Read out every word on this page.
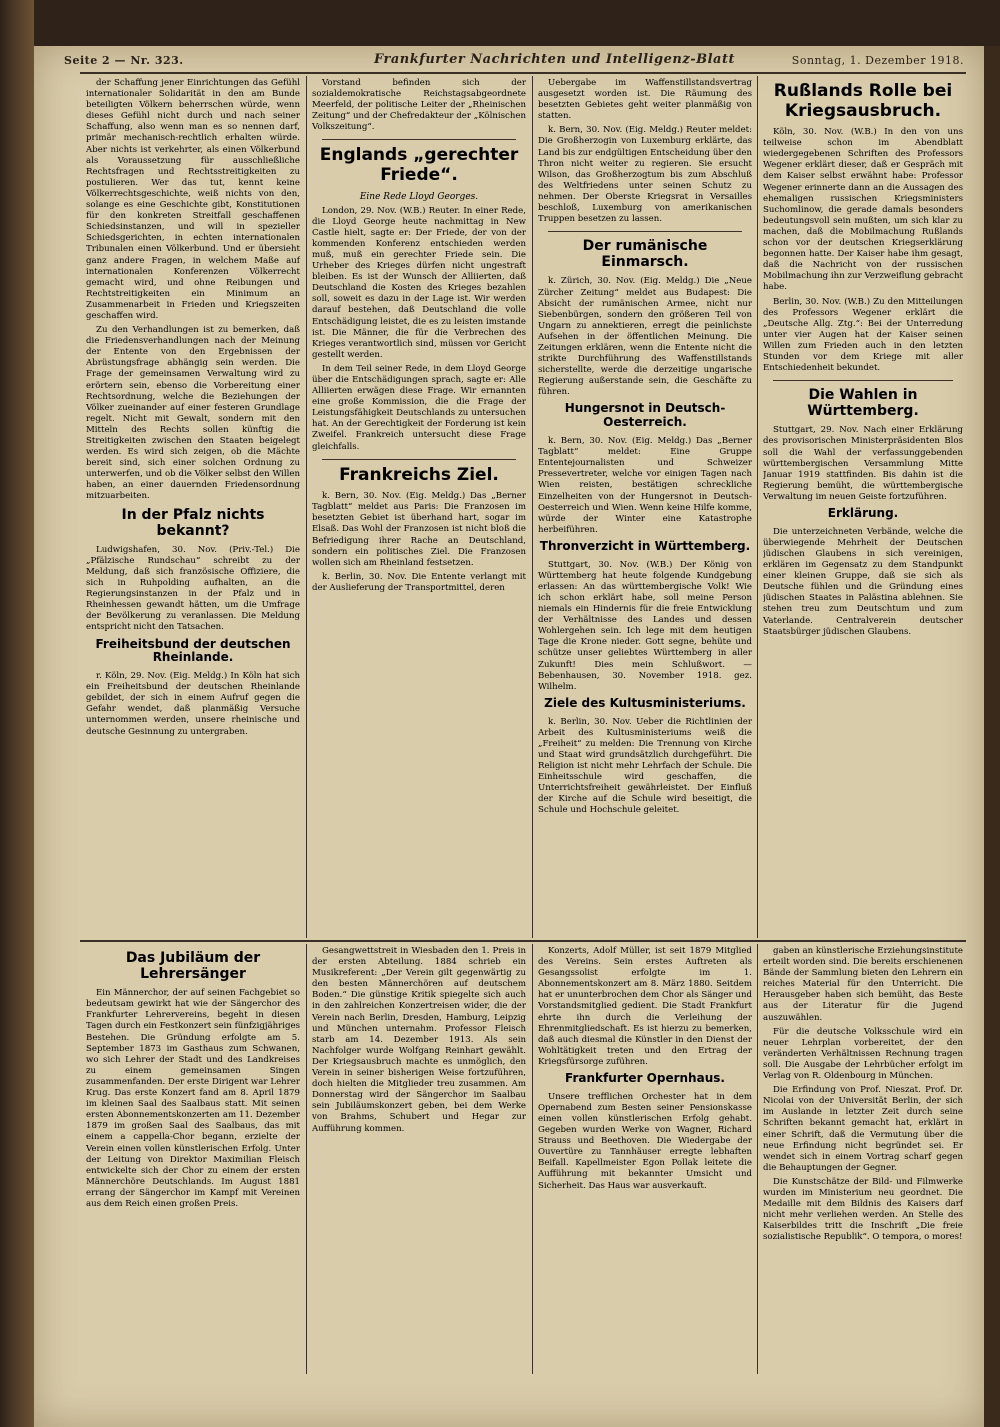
Seite 2 — Nr. 323.	Frankfurter Nachrichten und Intelligenz-Blatt	Sonntag, 1. Dezember 1918.

der Schaffung jener Einrichtungen das Gefühl internationaler Solidarität in den am Bunde beteiligten Völkern beherrschen würde, wenn dieses Gefühl nicht durch und nach seiner Schaffung, also wenn man es so nennen darf, primär mechanisch-rechtlich erhalten würde. Aber nichts ist verkehrter, als einen Völkerbund als Voraussetzung für ausschließliche Rechtsfragen und Rechtsstreitigkeiten zu postulieren. Wer das tut, kennt keine Völkerrechtsgeschichte, weiß nichts von den, solange es eine Geschichte gibt, Konstitutionen für den konkreten Streitfall geschaffenen Schiedsinstanzen, und will in spezieller Schiedsgerichten, in echten internationalen Tribunalen einen Völkerbund. Und er übersieht ganz andere Fragen, in welchem Maße auf internationalen Konferenzen Völkerrecht gemacht wird, und ohne Reibungen und Rechtstreitigkeiten ein Minimum an Zusammenarbeit in Frieden und Kriegszeiten geschaffen wird.

Zu den Verhandlungen ist zu bemerken, daß die Friedensverhandlungen nach der Meinung der Entente von den Ergebnissen der Abrüstungsfrage abhängig sein werden. Die Frage der gemeinsamen Verwaltung wird zu erörtern sein, ebenso die Vorbereitung einer Rechtsordnung, welche die Beziehungen der Völker zueinander auf einer festeren Grundlage regelt. Nicht mit Gewalt, sondern mit den Mitteln des Rechts sollen künftig die Streitigkeiten zwischen den Staaten beigelegt werden. Es wird sich zeigen, ob die Mächte bereit sind, sich einer solchen Ordnung zu unterwerfen, und ob die Völker selbst den Willen haben, an einer dauernden Friedensordnung mitzuarbeiten.

In der Pfalz nichts bekannt?

Ludwigshafen, 30. Nov. (Priv.-Tel.) Die „Pfälzische Rundschau“ schreibt zu der Meldung, daß sich französische Offiziere, die sich in Ruhpolding aufhalten, an die Regierungsinstanzen in der Pfalz und in Rheinhessen gewandt hätten, um die Umfrage der Bevölkerung zu veranlassen. Die Meldung entspricht nicht den Tatsachen.

Freiheitsbund der deutschen Rheinlande.

r. Köln, 29. Nov. (Eig. Meldg.) In Köln hat sich ein Freiheitsbund der deutschen Rheinlande gebildet, der sich in einem Aufruf gegen die Gefahr wendet, daß planmäßig Versuche unternommen werden, unsere rheinische und deutsche Gesinnung zu untergraben.

Vorstand befinden sich der sozialdemokratische Reichstagsabgeordnete Meerfeld, der politische Leiter der „Rheinischen Zeitung“ und der Chefredakteur der „Kölnischen Volkszeitung“.

Englands „gerechter Friede“.
Eine Rede Lloyd Georges.

London, 29. Nov. (W.B.) Reuter. In einer Rede, die Lloyd George heute nachmittag in New Castle hielt, sagte er: Der Friede, der von der kommenden Konferenz entschieden werden muß, muß ein gerechter Friede sein. Die Urheber des Krieges dürfen nicht ungestraft bleiben. Es ist der Wunsch der Alliierten, daß Deutschland die Kosten des Krieges bezahlen soll, soweit es dazu in der Lage ist. Wir werden darauf bestehen, daß Deutschland die volle Entschädigung leistet, die es zu leisten imstande ist. Die Männer, die für die Verbrechen des Krieges verantwortlich sind, müssen vor Gericht gestellt werden.

In dem Teil seiner Rede, in dem Lloyd George über die Entschädigungen sprach, sagte er: Alle Alliierten erwägen diese Frage. Wir ernannten eine große Kommission, die die Frage der Leistungsfähigkeit Deutschlands zu untersuchen hat. An der Gerechtigkeit der Forderung ist kein Zweifel. Frankreich untersucht diese Frage gleichfalls.

Frankreichs Ziel.

k. Bern, 30. Nov. (Eig. Meldg.) Das „Berner Tagblatt“ meldet aus Paris: Die Franzosen im besetzten Gebiet ist überhand hart, sogar im Elsaß. Das Wohl der Franzosen ist nicht bloß die Befriedigung ihrer Rache an Deutschland, sondern ein politisches Ziel. Die Franzosen wollen sich am Rheinland festsetzen.

k. Berlin, 30. Nov. Die Entente verlangt mit der Auslieferung der Transportmittel, deren

Uebergabe im Waffenstillstandsvertrag ausgesetzt worden ist. Die Räumung des besetzten Gebietes geht weiter planmäßig von statten.

k. Bern, 30. Nov. (Eig. Meldg.) Reuter meldet: Die Großherzogin von Luxemburg erklärte, das Land bis zur endgültigen Entscheidung über den Thron nicht weiter zu regieren. Sie ersucht Wilson, das Großherzogtum bis zum Abschluß des Weltfriedens unter seinen Schutz zu nehmen. Der Oberste Kriegsrat in Versailles beschloß, Luxemburg von amerikanischen Truppen besetzen zu lassen.

Der rumänische Einmarsch.

k. Zürich, 30. Nov. (Eig. Meldg.) Die „Neue Zürcher Zeitung“ meldet aus Budapest: Die Absicht der rumänischen Armee, nicht nur Siebenbürgen, sondern den größeren Teil von Ungarn zu annektieren, erregt die peinlichste Aufsehen in der öffentlichen Meinung. Die Zeitungen erklären, wenn die Entente nicht die strikte Durchführung des Waffenstillstands sicherstellte, werde die derzeitige ungarische Regierung außerstande sein, die Geschäfte zu führen.

Hungersnot in Deutsch-Oesterreich.

k. Bern, 30. Nov. (Eig. Meldg.) Das „Berner Tagblatt“ meldet: Eine Gruppe Ententejournalisten und Schweizer Pressevertreter, welche vor einigen Tagen nach Wien reisten, bestätigen schreckliche Einzelheiten von der Hungersnot in Deutsch-Oesterreich und Wien. Wenn keine Hilfe komme, würde der Winter eine Katastrophe herbeiführen.

Thronverzicht in Württemberg.

Stuttgart, 30. Nov. (W.B.) Der König von Württemberg hat heute folgende Kundgebung erlassen: An das württembergische Volk! Wie ich schon erklärt habe, soll meine Person niemals ein Hindernis für die freie Entwicklung der Verhältnisse des Landes und dessen Wohlergehen sein. Ich lege mit dem heutigen Tage die Krone nieder. Gott segne, behüte und schütze unser geliebtes Württemberg in aller Zukunft! Dies mein Schlußwort. — Bebenhausen, 30. November 1918. gez. Wilhelm.

Ziele des Kultusministeriums.

k. Berlin, 30. Nov. Ueber die Richtlinien der Arbeit des Kultusministeriums weiß die „Freiheit“ zu melden: Die Trennung von Kirche und Staat wird grundsätzlich durchgeführt. Die Religion ist nicht mehr Lehrfach der Schule. Die Einheitsschule wird geschaffen, die Unterrichtsfreiheit gewährleistet. Der Einfluß der Kirche auf die Schule wird beseitigt, die Schule und Hochschule geleitet.

Rußlands Rolle bei Kriegsausbruch.

Köln, 30. Nov. (W.B.) In den von uns teilweise schon im Abendblatt wiedergegebenen Schriften des Professors Wegener erklärt dieser, daß er Gespräch mit dem Kaiser selbst erwähnt habe: Professor Wegener erinnerte dann an die Aussagen des ehemaligen russischen Kriegsministers Suchomlinow, die gerade damals besonders bedeutungsvoll sein mußten, um sich klar zu machen, daß die Mobilmachung Rußlands schon vor der deutschen Kriegserklärung begonnen hatte. Der Kaiser habe ihm gesagt, daß die Nachricht von der russischen Mobilmachung ihn zur Verzweiflung gebracht habe.

Berlin, 30. Nov. (W.B.) Zu den Mitteilungen des Professors Wegener erklärt die „Deutsche Allg. Ztg.“: Bei der Unterredung unter vier Augen hat der Kaiser seinen Willen zum Frieden auch in den letzten Stunden vor dem Kriege mit aller Entschiedenheit bekundet.

Die Wahlen in Württemberg.

Stuttgart, 29. Nov. Nach einer Erklärung des provisorischen Ministerpräsidenten Blos soll die Wahl der verfassunggebenden württembergischen Versammlung Mitte Januar 1919 stattfinden. Bis dahin ist die Regierung bemüht, die württembergische Verwaltung im neuen Geiste fortzuführen.

Erklärung.

Die unterzeichneten Verbände, welche die überwiegende Mehrheit der Deutschen jüdischen Glaubens in sich vereinigen, erklären im Gegensatz zu dem Standpunkt einer kleinen Gruppe, daß sie sich als Deutsche fühlen und die Gründung eines jüdischen Staates in Palästina ablehnen. Sie stehen treu zum Deutschtum und zum Vaterlande. Centralverein deutscher Staatsbürger jüdischen Glaubens.

Das Jubiläum der Lehrersänger

Ein Männerchor, der auf seinen Fachgebiet so bedeutsam gewirkt hat wie der Sängerchor des Frankfurter Lehrervereins, begeht in diesen Tagen durch ein Festkonzert sein fünfzigjähriges Bestehen. Die Gründung erfolgte am 5. September 1873 im Gasthaus zum Schwanen, wo sich Lehrer der Stadt und des Landkreises zu einem gemeinsamen Singen zusammenfanden. Der erste Dirigent war Lehrer Krug. Das erste Konzert fand am 8. April 1879 im kleinen Saal des Saalbaus statt. Mit seinen ersten Abonnementskonzerten am 11. Dezember 1879 im großen Saal des Saalbaus, das mit einem a cappella-Chor begann, erzielte der Verein einen vollen künstlerischen Erfolg. Unter der Leitung von Direktor Maximilian Fleisch entwickelte sich der Chor zu einem der ersten Männerchöre Deutschlands. Im August 1881 errang der Sängerchor im Kampf mit Vereinen aus dem Reich einen großen Preis.

Gesangwettstreit in Wiesbaden den 1. Preis in der ersten Abteilung. 1884 schrieb ein Musikreferent: „Der Verein gilt gegenwärtig zu den besten Männerchören auf deutschem Boden.“ Die günstige Kritik spiegelte sich auch in den zahlreichen Konzertreisen wider, die der Verein nach Berlin, Dresden, Hamburg, Leipzig und München unternahm. Professor Fleisch starb am 14. Dezember 1913. Als sein Nachfolger wurde Wolfgang Reinhart gewählt. Der Kriegsausbruch machte es unmöglich, den Verein in seiner bisherigen Weise fortzuführen, doch hielten die Mitglieder treu zusammen. Am Donnerstag wird der Sängerchor im Saalbau sein Jubiläumskonzert geben, bei dem Werke von Brahms, Schubert und Hegar zur Aufführung kommen.

Konzerts, Adolf Müller, ist seit 1879 Mitglied des Vereins. Sein erstes Auftreten als Gesangssolist erfolgte im 1. Abonnementskonzert am 8. März 1880. Seitdem hat er ununterbrochen dem Chor als Sänger und Vorstandsmitglied gedient. Die Stadt Frankfurt ehrte ihn durch die Verleihung der Ehrenmitgliedschaft. Es ist hierzu zu bemerken, daß auch diesmal die Künstler in den Dienst der Wohltätigkeit treten und den Ertrag der Kriegsfürsorge zuführen.

Frankfurter Opernhaus.

Unsere trefflichen Orchester hat in dem Opernabend zum Besten seiner Pensionskasse einen vollen künstlerischen Erfolg gehabt. Gegeben wurden Werke von Wagner, Richard Strauss und Beethoven. Die Wiedergabe der Ouvertüre zu Tannhäuser erregte lebhaften Beifall. Kapellmeister Egon Pollak leitete die Aufführung mit bekannter Umsicht und Sicherheit. Das Haus war ausverkauft.

gaben an künstlerische Erziehungsinstitute erteilt worden sind. Die bereits erschienenen Bände der Sammlung bieten den Lehrern ein reiches Material für den Unterricht. Die Herausgeber haben sich bemüht, das Beste aus der Literatur für die Jugend auszuwählen.

Für die deutsche Volksschule wird ein neuer Lehrplan vorbereitet, der den veränderten Verhältnissen Rechnung tragen soll. Die Ausgabe der Lehrbücher erfolgt im Verlag von R. Oldenbourg in München.

Die Erfindung von Prof. Nieszat. Prof. Dr. Nicolai von der Universität Berlin, der sich im Auslande in letzter Zeit durch seine Schriften bekannt gemacht hat, erklärt in einer Schrift, daß die Vermutung über die neue Erfindung nicht begründet sei. Er wendet sich in einem Vortrag scharf gegen die Behauptungen der Gegner.

Die Kunstschätze der Bild- und Filmwerke wurden im Ministerium neu geordnet. Die Medaille mit dem Bildnis des Kaisers darf nicht mehr verliehen werden. An Stelle des Kaiserbildes tritt die Inschrift „Die freie sozialistische Republik“. O tempora, o mores!
